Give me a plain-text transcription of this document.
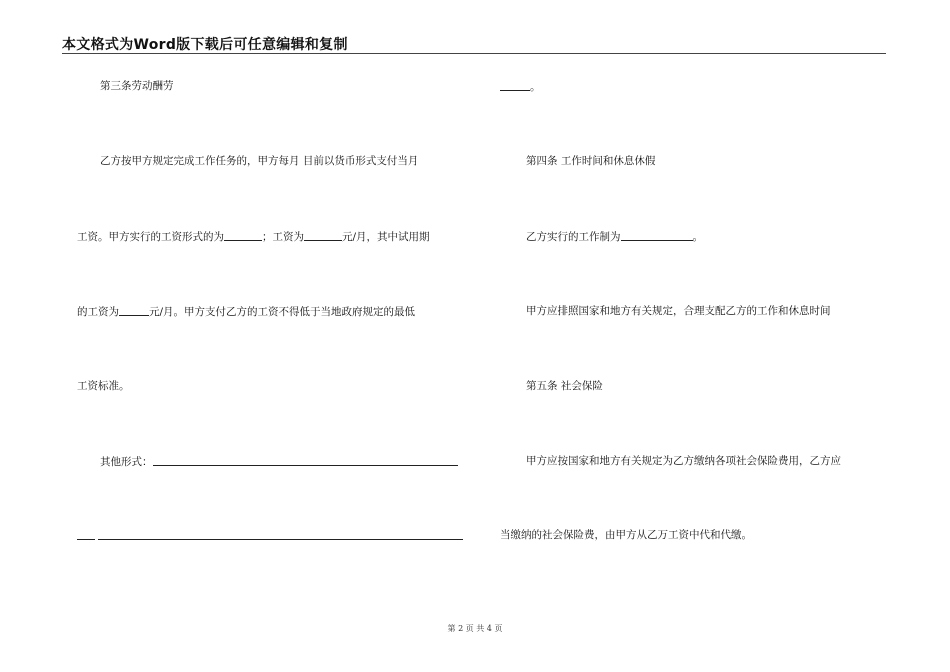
本文格式为Word版下载后可任意编辑和复制
第三条劳动酬劳
乙方按甲方规定完成工作任务的，甲方每月 目前以货币形式支付当月
工资。甲方实行的工资形式的为	；工资为	元/月，其中试用期
的工资为	元/月。甲方支付乙方的工资不得低于当地政府规定的最低
工资标准。
其他形式：
。
第四条 工作时间和休息休假
乙方实行的工作制为	。
甲方应排照国家和地方有关规定，合理支配乙方的工作和休息时间
第五条 社会保险
甲方应按国家和地方有关规定为乙方缴纳各项社会保险费用，乙方应
当缴纳的社会保险费，由甲方从乙万工资中代和代缴。
第 2 页 共 4 页
